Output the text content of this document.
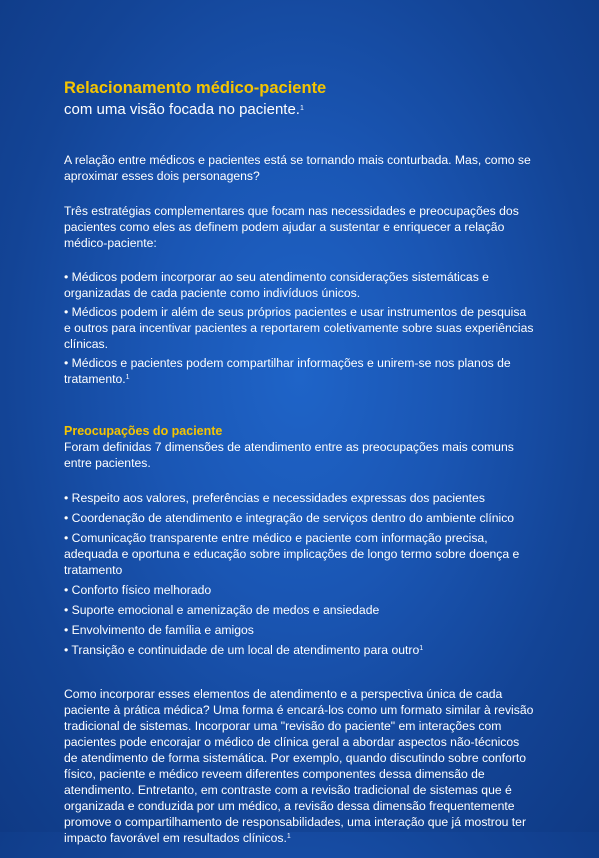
Relacionamento médico-paciente

com uma visão focada no paciente.$^1$

A relação entre médicos e pacientes está se tornando mais conturbada. Mas, como se aproximar esses dois personagens?

Três estratégias complementares que focam nas necessidades e preocupações dos pacientes como eles as definem podem ajudar a sustentar e enriquecer a relação médico-paciente:

• Médicos podem incorporar ao seu atendimento considerações sistemáticas e organizadas de cada paciente como indivíduos únicos.
• Médicos podem ir além de seus próprios pacientes e usar instrumentos de pesquisa e outros para incentivar pacientes a reportarem coletivamente sobre suas experiências clínicas.
• Médicos e pacientes podem compartilhar informações e unirem-se nos planos de tratamento.$^1$
Preocupações do paciente

Foram definidas 7 dimensões de atendimento entre as preocupações mais comuns entre pacientes.

• Respeito aos valores, preferências e necessidades expressas dos pacientes
• Coordenação de atendimento e integração de serviços dentro do ambiente clínico
• Comunicação transparente entre médico e paciente com informação precisa, adequada e oportuna e educação sobre implicações de longo termo sobre doença e tratamento
• Conforto físico melhorado
• Suporte emocional e amenização de medos e ansiedade
• Envolvimento de família e amigos
• Transição e continuidade de um local de atendimento para outro$^1$

Como incorporar esses elementos de atendimento e a perspectiva única de cada paciente à prática médica? Uma forma é encará-los como um formato similar à revisão tradicional de sistemas. Incorporar uma "revisão do paciente" em interações com pacientes pode encorajar o médico de clínica geral a abordar aspectos não-técnicos de atendimento de forma sistemática. Por exemplo, quando discutindo sobre conforto físico, paciente e médico reveem diferentes componentes dessa dimensão de atendimento. Entretanto, em contraste com a revisão tradicional de sistemas que é organizada e conduzida por um médico, a revisão dessa dimensão frequentemente promove o compartilhamento de responsabilidades, uma interação que já mostrou ter impacto favorável em resultados clínicos.$^1$
